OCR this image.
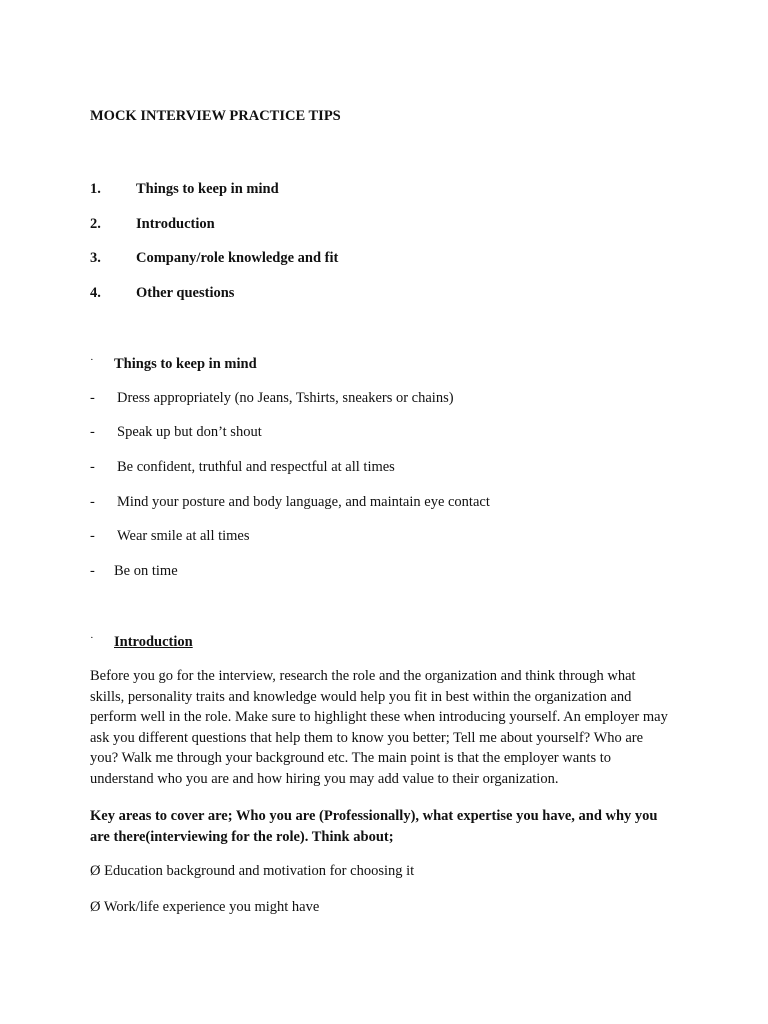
MOCK INTERVIEW PRACTICE TIPS
1. Things to keep in mind
2. Introduction
3. Company/role knowledge and fit
4. Other questions
· Things to keep in mind
- Dress appropriately (no Jeans, Tshirts, sneakers or chains)
- Speak up but don’t shout
- Be confident, truthful and respectful at all times
- Mind your posture and body language, and maintain eye contact
- Wear smile at all times
- Be on time
· Introduction
Before you go for the interview, research the role and the organization and think through what skills, personality traits and knowledge would help you fit in best within the organization and perform well in the role. Make sure to highlight these when introducing yourself. An employer may ask you different questions that help them to know you better; Tell me about yourself? Who are you? Walk me through your background etc. The main point is that the employer wants to understand who you are and how hiring you may add value to their organization.
Key areas to cover are; Who you are (Professionally), what expertise you have, and why you are there(interviewing for the role). Think about;
Ø Education background and motivation for choosing it
Ø Work/life experience you might have
